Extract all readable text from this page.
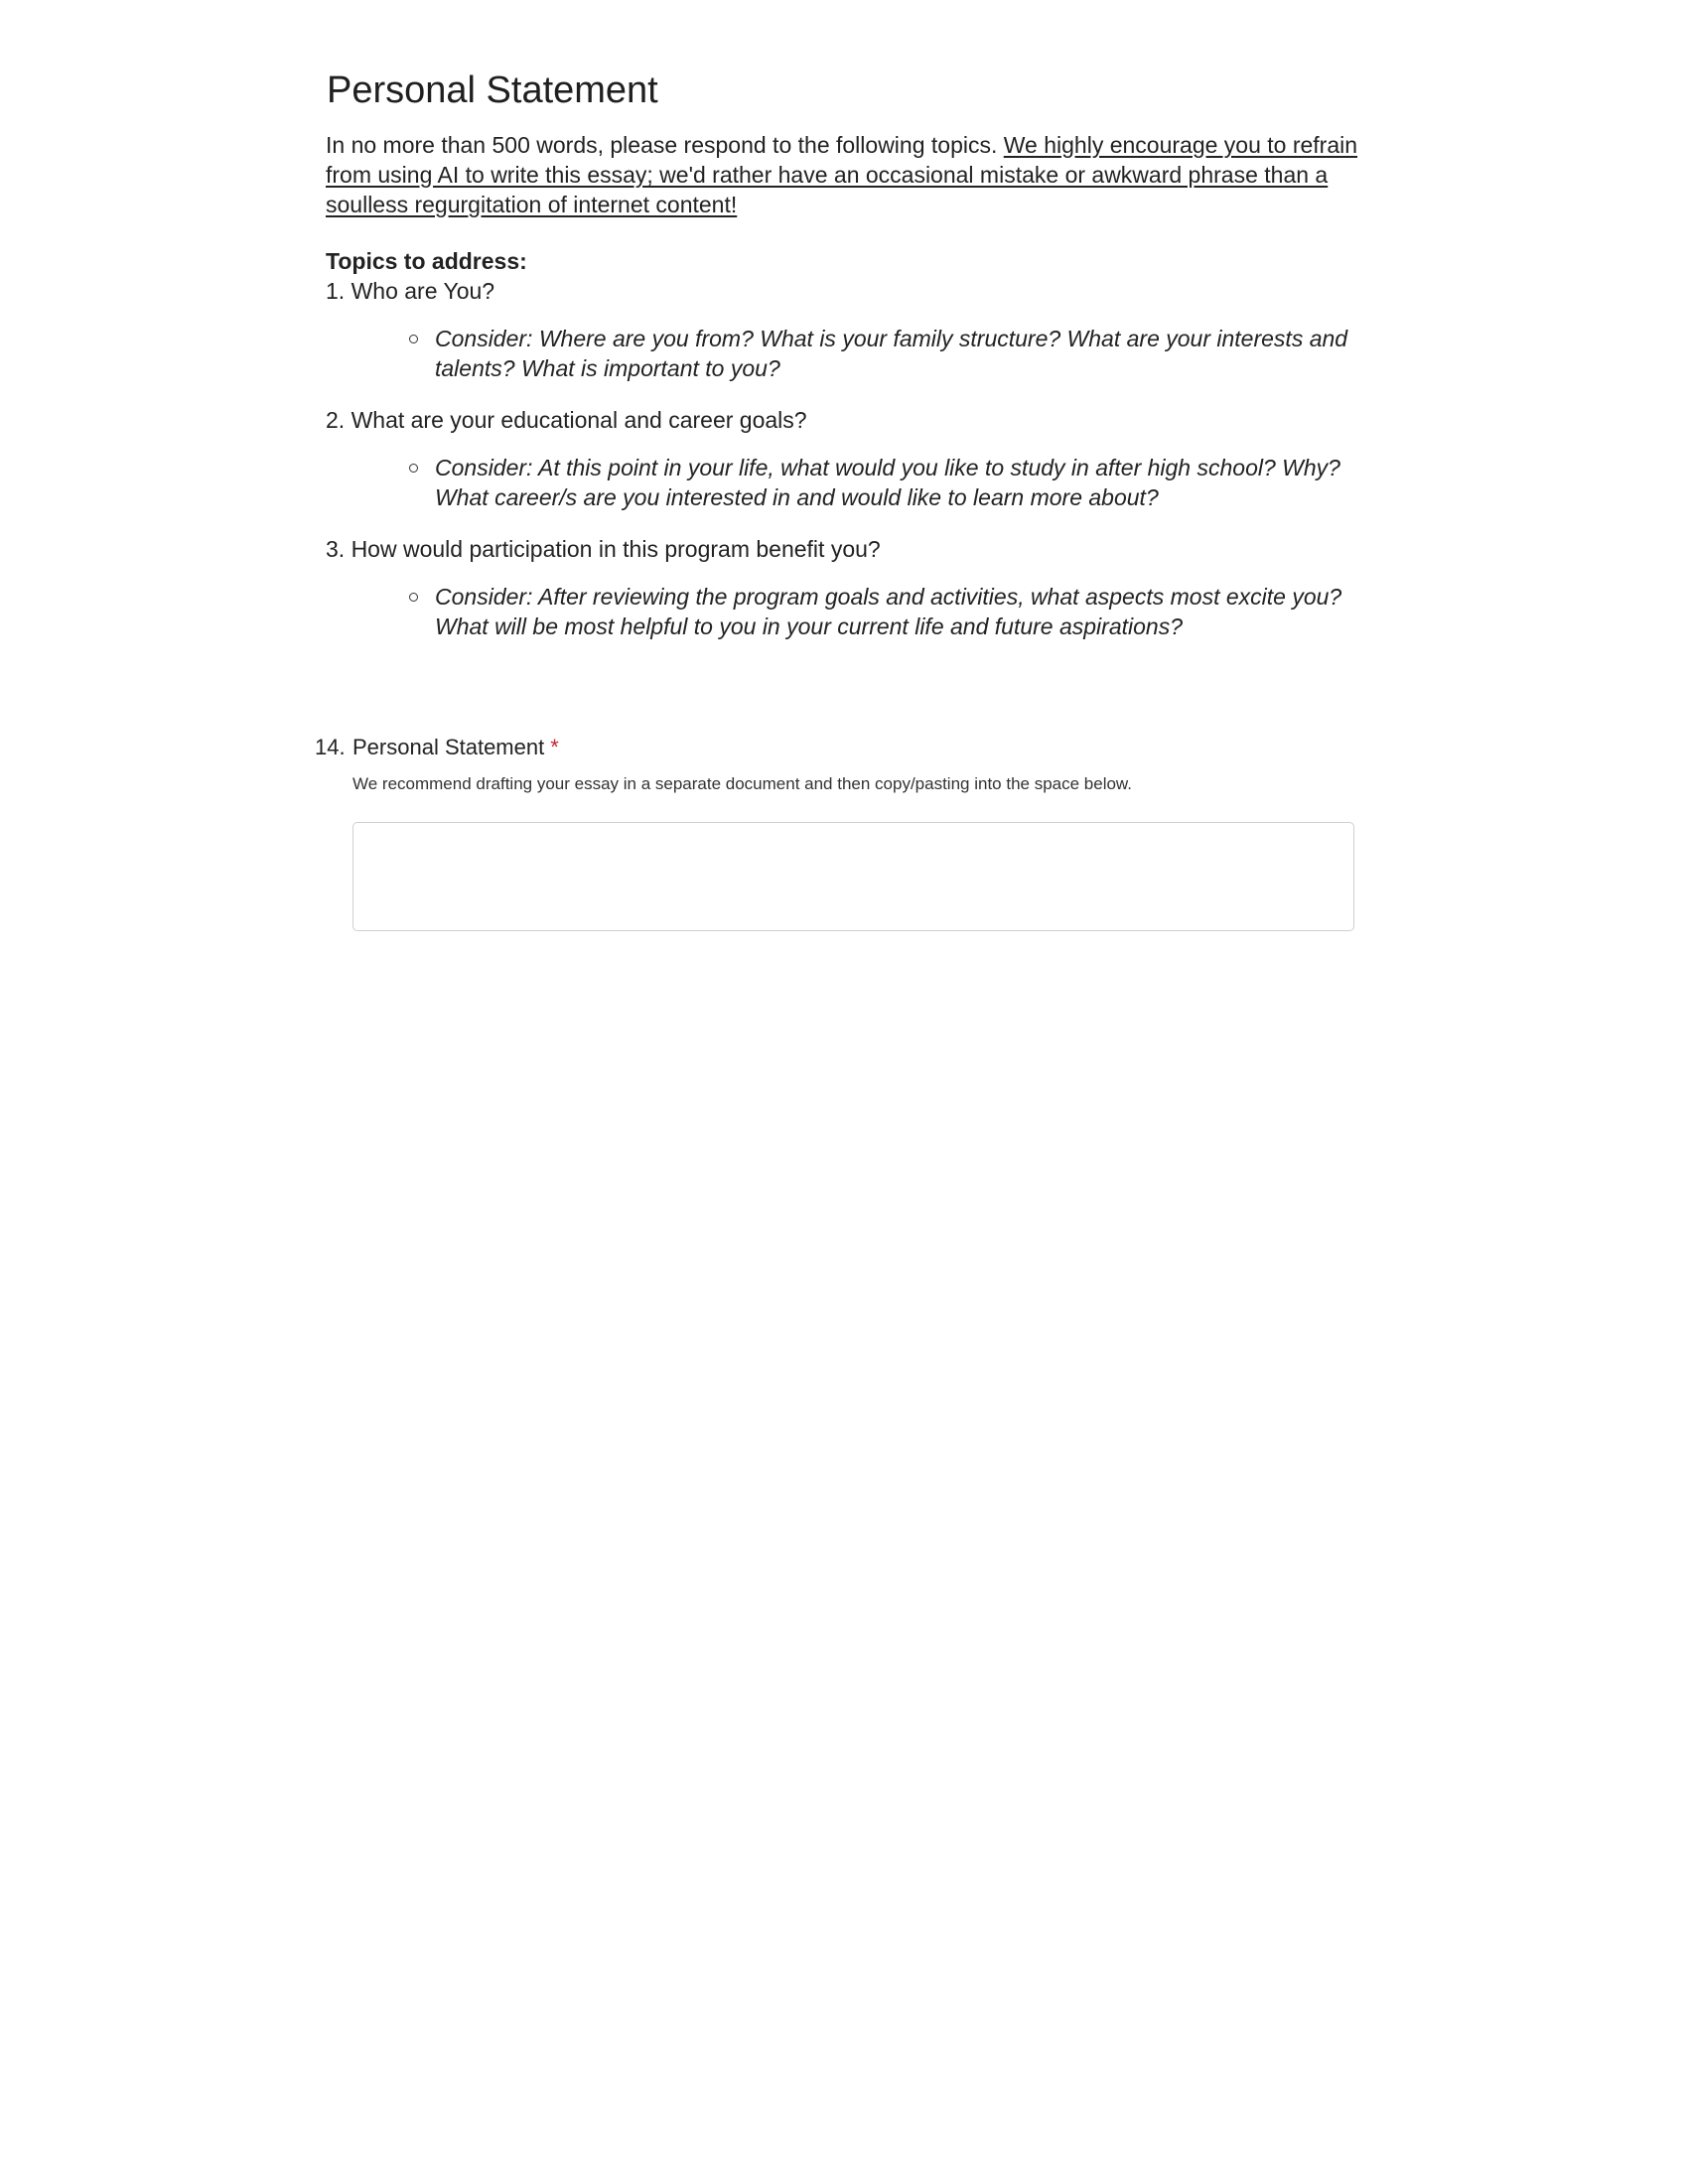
Personal Statement

In no more than 500 words, please respond to the following topics. We highly encourage you to refrain from using AI to write this essay; we'd rather have an occasional mistake or awkward phrase than a soulless regurgitation of internet content!

Topics to address:

1. Who are You?

Consider: Where are you from? What is your family structure? What are your interests and talents? What is important to you?

2. What are your educational and career goals?

Consider: At this point in your life, what would you like to study in after high school? Why? What career/s are you interested in and would like to learn more about?

3. How would participation in this program benefit you?

Consider: After reviewing the program goals and activities, what aspects most excite you? What will be most helpful to you in your current life and future aspirations?

14. Personal Statement *
We recommend drafting your essay in a separate document and then copy/pasting into the space below.
